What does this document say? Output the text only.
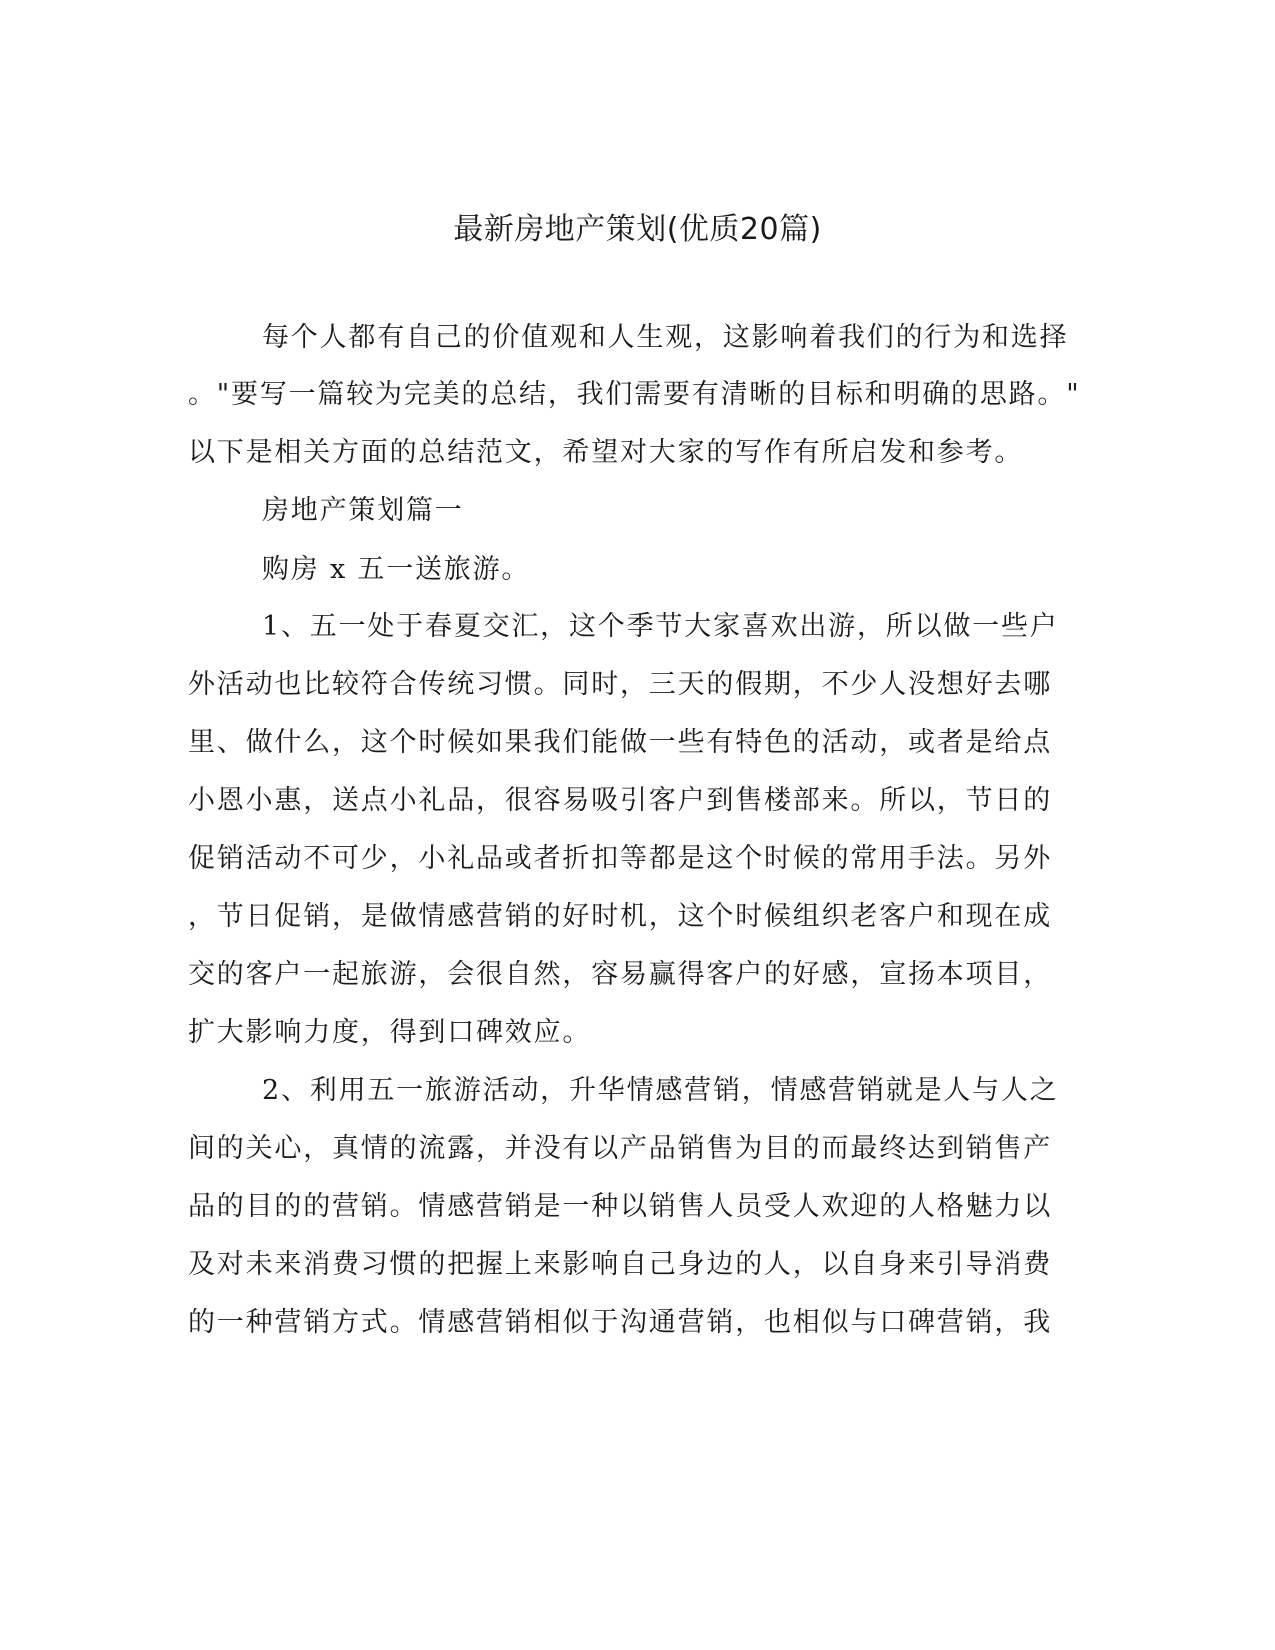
最新房地产策划(优质20篇)
每个人都有自己的价值观和人生观，这影响着我们的行为和选择
。"要写一篇较为完美的总结，我们需要有清晰的目标和明确的思路。"
以下是相关方面的总结范文，希望对大家的写作有所启发和参考。
房地产策划篇一
购房 x 五一送旅游。
1、五一处于春夏交汇，这个季节大家喜欢出游，所以做一些户
外活动也比较符合传统习惯。同时，三天的假期，不少人没想好去哪
里、做什么，这个时候如果我们能做一些有特色的活动，或者是给点
小恩小惠，送点小礼品，很容易吸引客户到售楼部来。所以，节日的
促销活动不可少，小礼品或者折扣等都是这个时候的常用手法。另外
，节日促销，是做情感营销的好时机，这个时候组织老客户和现在成
交的客户一起旅游，会很自然，容易赢得客户的好感，宣扬本项目，
扩大影响力度，得到口碑效应。
2、利用五一旅游活动，升华情感营销，情感营销就是人与人之
间的关心，真情的流露，并没有以产品销售为目的而最终达到销售产
品的目的的营销。情感营销是一种以销售人员受人欢迎的人格魅力以
及对未来消费习惯的把握上来影响自己身边的人，以自身来引导消费
的一种营销方式。情感营销相似于沟通营销，也相似与口碑营销，我
